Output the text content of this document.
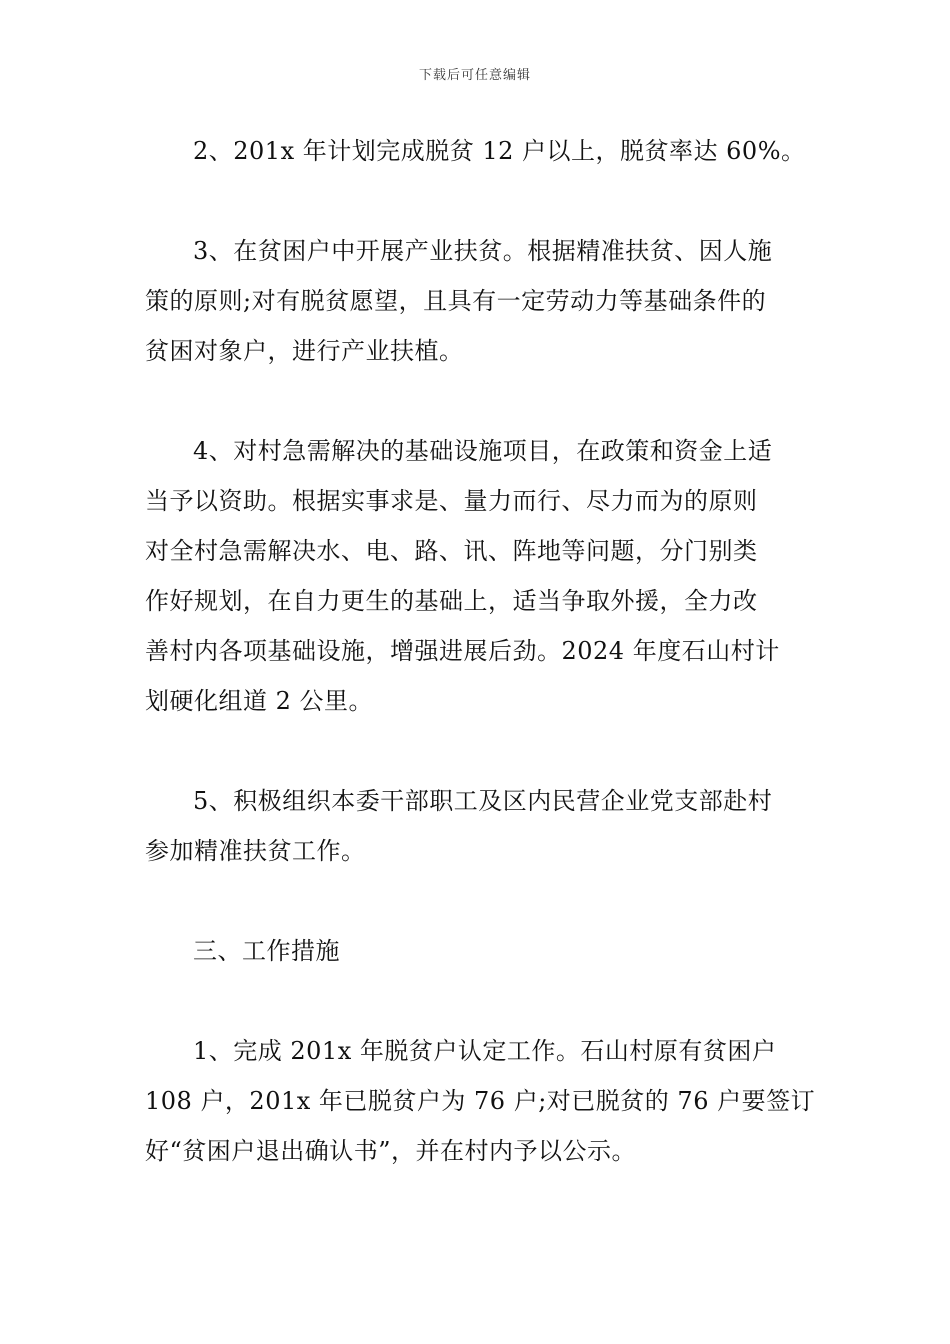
下载后可任意编辑
2、201x 年计划完成脱贫 12 户以上，脱贫率达 60%。
3、在贫困户中开展产业扶贫。根据精准扶贫、因人施
策的原则;对有脱贫愿望，且具有一定劳动力等基础条件的
贫困对象户，进行产业扶植。
4、对村急需解决的基础设施项目，在政策和资金上适
当予以资助。根据实事求是、量力而行、尽力而为的原则
对全村急需解决水、电、路、讯、阵地等问题，分门别类
作好规划，在自力更生的基础上，适当争取外援，全力改
善村内各项基础设施，增强进展后劲。2024 年度石山村计
划硬化组道 2 公里。
5、积极组织本委干部职工及区内民营企业党支部赴村
参加精准扶贫工作。
三、工作措施
1、完成 201x 年脱贫户认定工作。石山村原有贫困户
108 户，201x 年已脱贫户为 76 户;对已脱贫的 76 户要签订
好“贫困户退出确认书”，并在村内予以公示。
